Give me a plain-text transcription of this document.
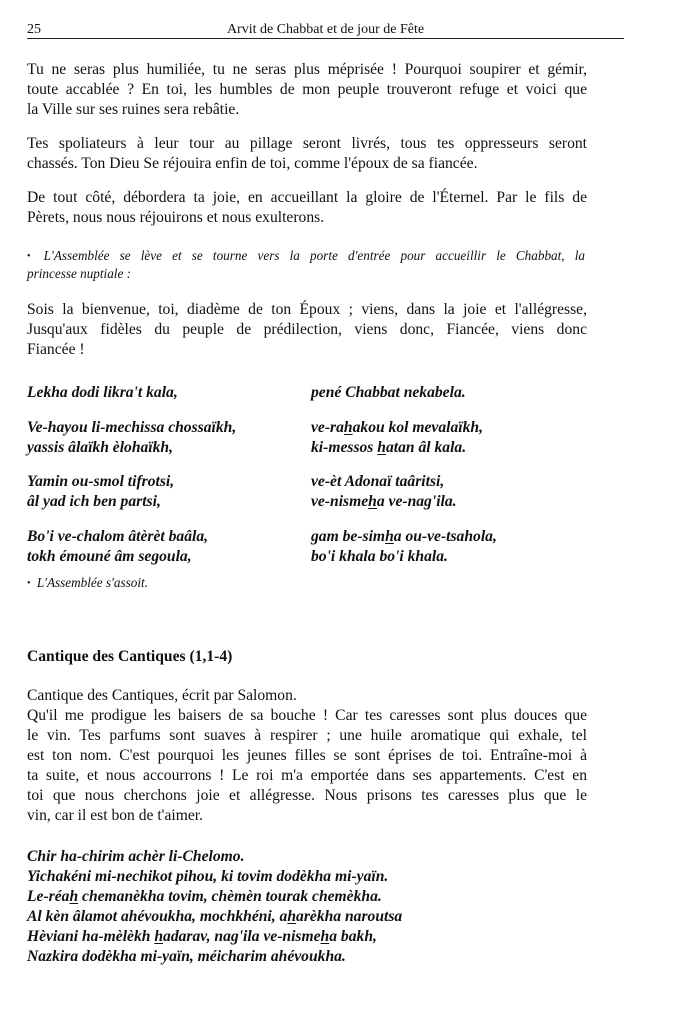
25	Arvit de Chabbat et de jour de Fête

Tu ne seras plus humiliée, tu ne seras plus méprisée ! Pourquoi soupirer et gémir,
toute accablée ? En toi, les humbles de mon peuple trouveront refuge et voici que
la Ville sur ses ruines sera rebâtie.

Tes spoliateurs à leur tour au pillage seront livrés, tous tes oppresseurs seront
chassés. Ton Dieu Se réjouira enfin de toi, comme l'époux de sa fiancée.

De tout côté, débordera ta joie, en accueillant la gloire de l'Éternel. Par le fils de
Pèrets, nous nous réjouirons et nous exulterons.

• L'Assemblée se lève et se tourne vers la porte d'entrée pour accueillir le Chabbat, la
princesse nuptiale :

Sois la bienvenue, toi, diadème de ton Époux ; viens, dans la joie et l'allégresse,
Jusqu'aux fidèles du peuple de prédilection, viens donc, Fiancée, viens donc
Fiancée !

Lekha dodi likra't kala,	pené Chabbat nekabela.

Ve-hayou li-mechissa chossaïkh,
yassis âlaïkh èlohaïkh,

ve-rahakou kol mevalaïkh,
ki-messos hatan âl kala.

Yamin ou-smol tifrotsi,
âl yad ich ben partsi,

ve-èt Adonaï taâritsi,
ve-nismeha ve-nag'ila.

Bo'i ve-chalom âtèrèt baâla,
tokh émouné âm segoula,

gam be-simha ou-ve-tsahola,
bo'i khala bo'i khala.

• L'Assemblée s'assoit.

Cantique des Cantiques (1,1-4)

Cantique des Cantiques, écrit par Salomon.
Qu'il me prodigue les baisers de sa bouche ! Car tes caresses sont plus douces que
le vin. Tes parfums sont suaves à respirer ; une huile aromatique qui exhale, tel
est ton nom. C'est pourquoi les jeunes filles se sont éprises de toi. Entraîne-moi à
ta suite, et nous accourrons ! Le roi m'a emportée dans ses appartements. C'est en
toi que nous cherchons joie et allégresse. Nous prisons tes caresses plus que le
vin, car il est bon de t'aimer.

Chir ha-chirim achèr li-Chelomo.
Yichakéni mi-nechikot pihou, ki tovim dodèkha mi-yaïn.
Le-réah chemanèkha tovim, chèmèn tourak chemèkha.
Al kèn âlamot ahévoukha, mochkhéni, aharèkha naroutsa
Hèviani ha-mèlèkh hadarav, nag'ila ve-nismeha bakh,
Nazkira dodèkha mi-yaïn, méicharim ahévoukha.
